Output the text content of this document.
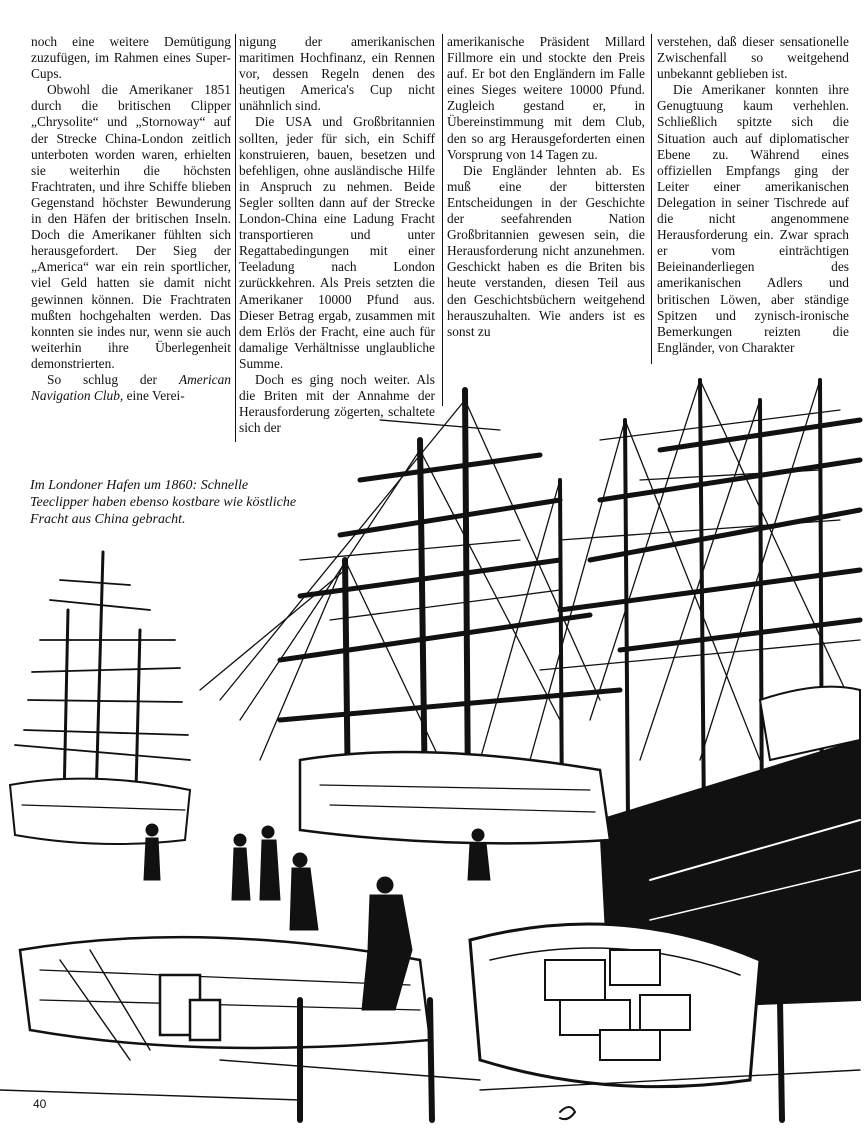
noch eine weitere Demütigung zuzufügen, im Rahmen eines Super-Cups.

Obwohl die Amerikaner 1851 durch die britischen Clipper „Chrysolite“ und „Stornoway“ auf der Strecke China-London zeitlich unterboten worden waren, erhielten sie weiterhin die höchsten Frachtraten, und ihre Schiffe blieben Gegenstand höchster Bewunderung in den Häfen der britischen Inseln. Doch die Amerikaner fühlten sich herausgefordert. Der Sieg der „America“ war ein rein sportlicher, viel Geld hatten sie damit nicht gewinnen können. Die Frachtraten mußten hochgehalten werden. Das konnten sie indes nur, wenn sie auch weiterhin ihre Überlegenheit demonstrierten.

So schlug der American Navigation Club, eine Verei-

nigung der amerikanischen maritimen Hochfinanz, ein Rennen vor, dessen Regeln denen des heutigen America's Cup nicht unähnlich sind.

Die USA und Großbritannien sollten, jeder für sich, ein Schiff konstruieren, bauen, besetzen und befehligen, ohne ausländische Hilfe in Anspruch zu nehmen. Beide Segler sollten dann auf der Strecke London-China eine Ladung Fracht transportieren und unter Regattabedingungen mit einer Teeladung nach London zurückkehren. Als Preis setzten die Amerikaner 10000 Pfund aus. Dieser Betrag ergab, zusammen mit dem Erlös der Fracht, eine auch für damalige Verhältnisse unglaubliche Summe.

Doch es ging noch weiter. Als die Briten mit der Annahme der Herausforderung zögerten, schaltete sich der

amerikanische Präsident Millard Fillmore ein und stockte den Preis auf. Er bot den Engländern im Falle eines Sieges weitere 10000 Pfund. Zugleich gestand er, in Übereinstimmung mit dem Club, den so arg Herausgeforderten einen Vorsprung von 14 Tagen zu.

Die Engländer lehnten ab. Es muß eine der bittersten Entscheidungen in der Geschichte der seefahrenden Nation Großbritannien gewesen sein, die Herausforderung nicht anzunehmen. Geschickt haben es die Briten bis heute verstanden, diesen Teil aus den Geschichtsbüchern weitgehend herauszuhalten. Wie anders ist es sonst zu

verstehen, daß dieser sensationelle Zwischenfall so weitgehend unbekannt geblieben ist.

Die Amerikaner konnten ihre Genugtuung kaum verhehlen. Schließlich spitzte sich die Situation auch auf diplomatischer Ebene zu. Während eines offiziellen Empfangs ging der Leiter einer amerikanischen Delegation in seiner Tischrede auf die nicht angenommene Herausforderung ein. Zwar sprach er vom einträchtigen Beieinanderliegen des amerikanischen Adlers und britischen Löwen, aber ständige Spitzen und zynisch-ironische Bemerkungen reizten die Engländer, von Charakter

Im Londoner Hafen um 1860: Schnelle Teeclipper haben ebenso kostbare wie köstliche Fracht aus China gebracht.
40
